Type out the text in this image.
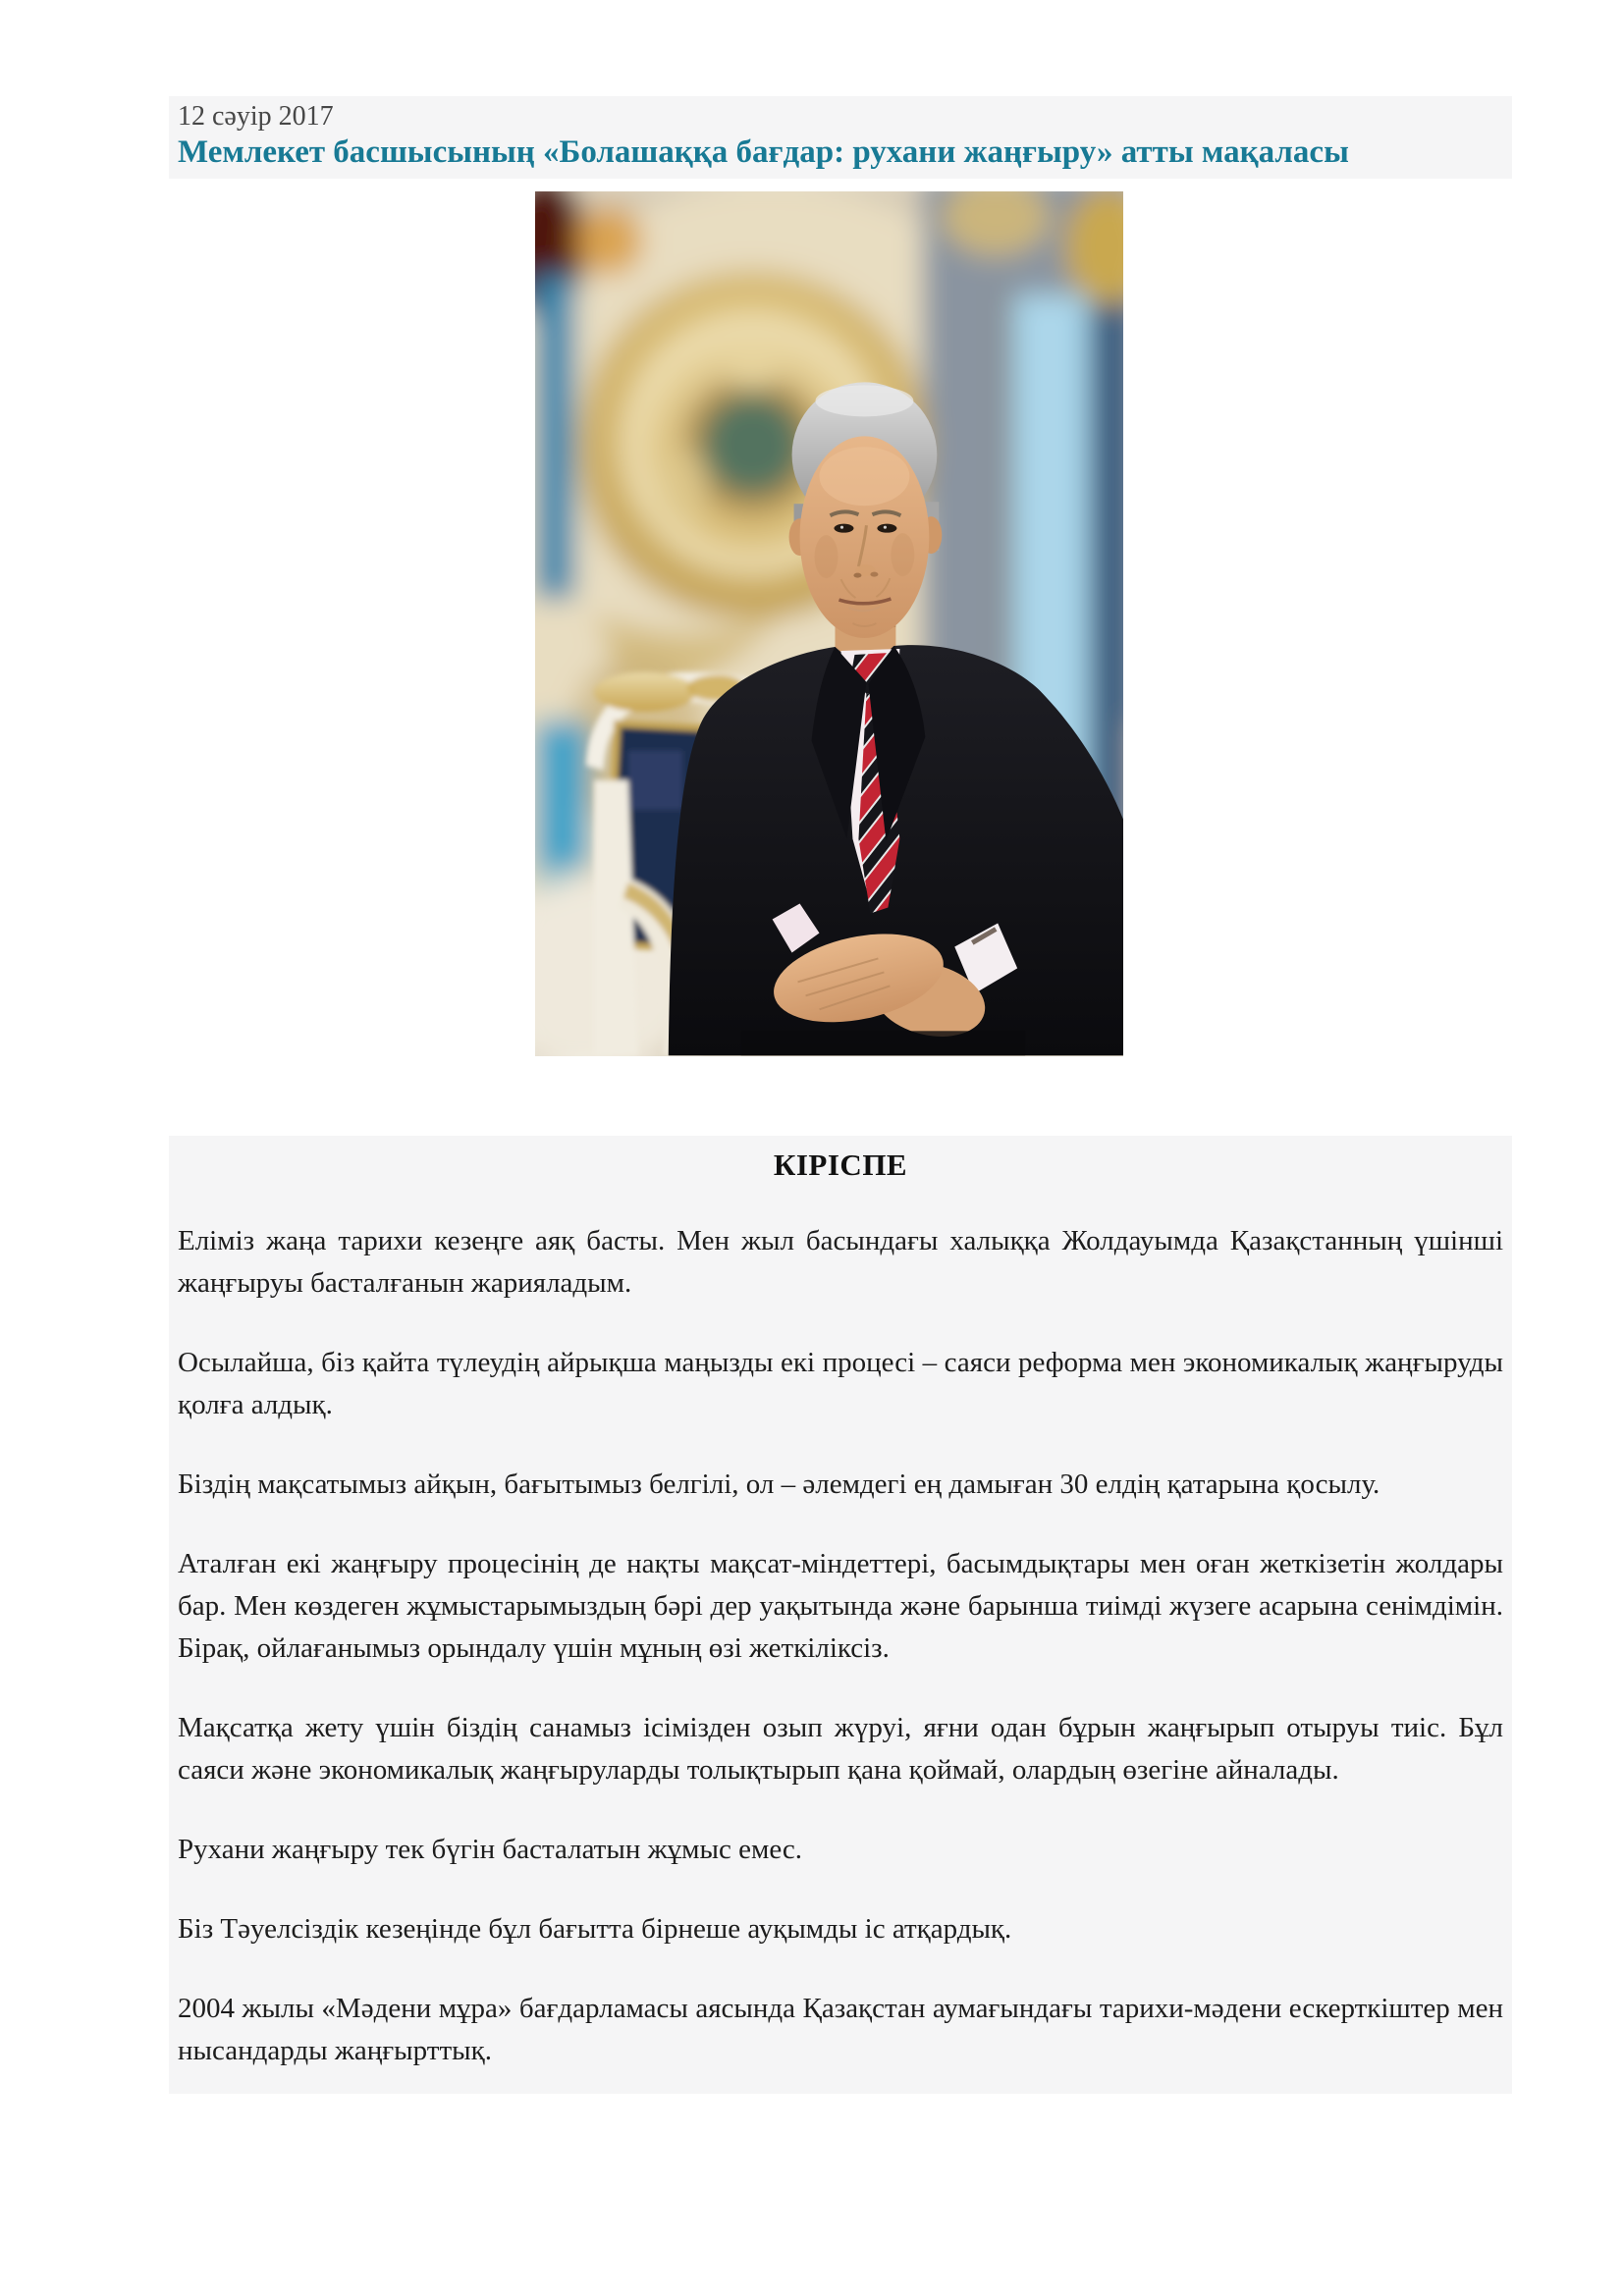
12 сәуір 2017
Мемлекет басшысының «Болашаққа бағдар: рухани жаңғыру» атты мақаласы
КІРІСПЕ

Еліміз жаңа тарихи кезеңге аяқ басты. Мен жыл басындағы халыққа Жолдауымда Қазақстанның үшінші жаңғыруы басталғанын жарияладым.

Осылайша, біз қайта түлеудің айрықша маңызды екі процесі – саяси реформа мен экономикалық жаңғыруды қолға алдық.

Біздің мақсатымыз айқын, бағытымыз белгілі, ол – әлемдегі ең дамыған 30 елдің қатарына қосылу.

Аталған екі жаңғыру процесінің де нақты мақсат-міндеттері, басымдықтары мен оған жеткізетін жолдары бар. Мен көздеген жұмыстарымыздың бәрі дер уақытында және барынша тиімді жүзеге асарына сенімдімін. Бірақ, ойлағанымыз орындалу үшін мұның өзі жеткіліксіз.

Мақсатқа жету үшін біздің санамыз ісімізден озып жүруі, яғни одан бұрын жаңғырып отыруы тиіс. Бұл саяси және экономикалық жаңғыруларды толықтырып қана қоймай, олардың өзегіне айналады.

Рухани жаңғыру тек бүгін басталатын жұмыс емес.

Біз Тәуелсіздік кезеңінде бұл бағытта бірнеше ауқымды іс атқардық.

2004 жылы «Мәдени мұра» бағдарламасы аясында Қазақстан аумағындағы тарихи-мәдени ескерткіштер мен нысандарды жаңғырттық.
